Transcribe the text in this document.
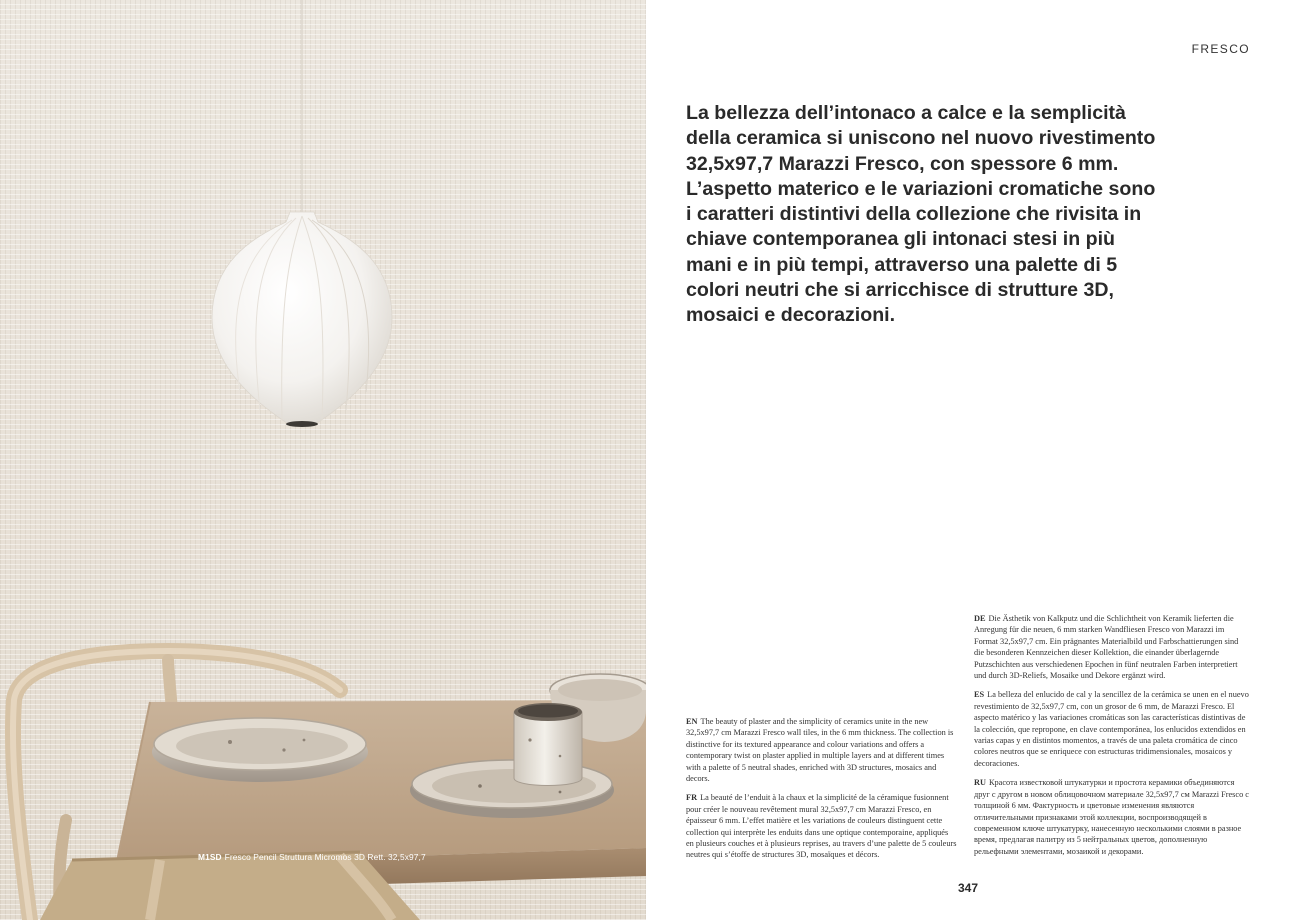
M1SD Fresco Pencil Struttura Micromos 3D Rett. 32,5x97,7
FRESCO

La bellezza dell’intonaco a calce e la semplicità della ceramica si uniscono nel nuovo rivestimento 32,5x97,7 Marazzi Fresco, con spessore 6 mm. L’aspetto materico e le variazioni cromatiche sono i caratteri distintivi della collezione che rivisita in chiave contemporanea gli intonaci stesi in più mani e in più tempi, attraverso una palette di 5 colori neutri che si arricchisce di strutture 3D, mosaici e decorazioni.

EN The beauty of plaster and the simplicity of ceramics unite in the new 32,5x97,7 cm Marazzi Fresco wall tiles, in the 6 mm thickness. The collection is distinctive for its textured appearance and colour variations and offers a contemporary twist on plaster applied in multiple layers and at different times with a palette of 5 neutral shades, enriched with 3D structures, mosaics and decors.

FR La beauté de l’enduit à la chaux et la simplicité de la céramique fusionnent pour créer le nouveau revêtement mural 32,5x97,7 cm Marazzi Fresco, en épaisseur 6 mm. L’effet matière et les variations de couleurs distinguent cette collection qui interprète les enduits dans une optique contemporaine, appliqués en plusieurs couches et à plusieurs reprises, au travers d’une palette de 5 couleurs neutres qui s’étoffe de structures 3D, mosaïques et décors.

DE Die Ästhetik von Kalkputz und die Schlichtheit von Keramik lieferten die Anregung für die neuen, 6 mm starken Wandfliesen Fresco von Marazzi im Format 32,5x97,7 cm. Ein prägnantes Materialbild und Farbschattierungen sind die besonderen Kennzeichen dieser Kollektion, die einander überlagernde Putzschichten aus verschiedenen Epochen in fünf neutralen Farben interpretiert und durch 3D-Reliefs, Mosaike und Dekore ergänzt wird.

ES La belleza del enlucido de cal y la sencillez de la cerámica se unen en el nuevo revestimiento de 32,5x97,7 cm, con un grosor de 6 mm, de Marazzi Fresco. El aspecto matérico y las variaciones cromáticas son las características distintivas de la colección, que repropone, en clave contemporánea, los enlucidos extendidos en varias capas y en distintos momentos, a través de una paleta cromática de cinco colores neutros que se enriquece con estructuras tridimensionales, mosaicos y decoraciones.

RU Красота известковой штукатурки и простота керамики объединяются друг с другом в новом облицовочном материале 32,5x97,7 см Marazzi Fresco с толщиной 6 мм. Фактурность и цветовые изменения являются отличительными признаками этой коллекции, воспроизводящей в современном ключе штукатурку, нанесенную несколькими слоями в разное время, предлагая палитру из 5 нейтральных цветов, дополненную рельефными элементами, мозаикой и декорами.

347
